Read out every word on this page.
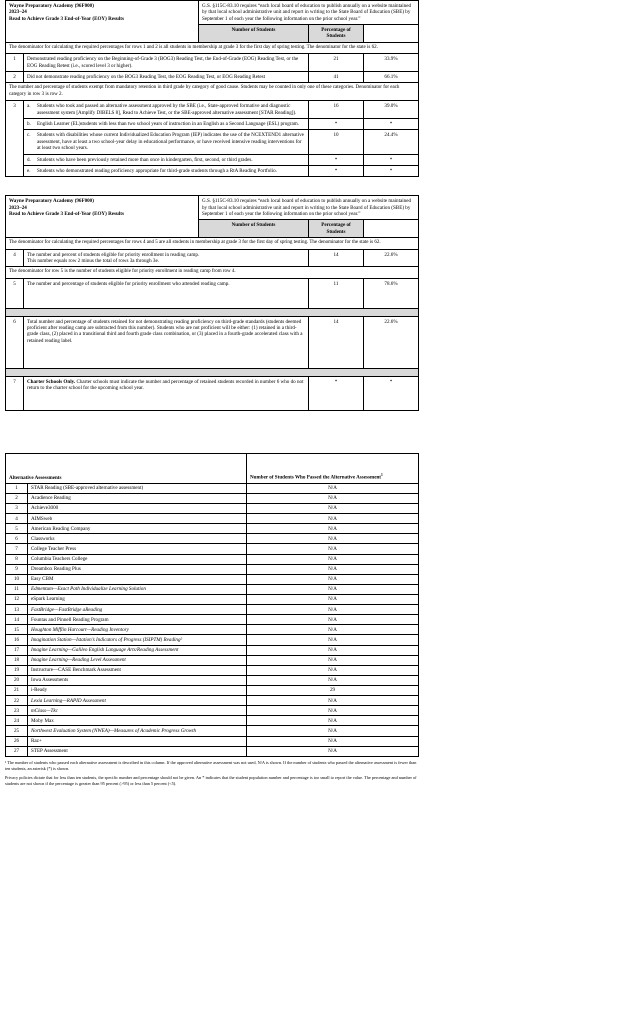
Wayne Preparatory Academy (96F000)
2023–24
Read to Achieve Grade 3 End-of-Year (EOY) Results
	G.S. §115C-83.10 requires “each local board of education to publish annually on a website maintained by that local school administrative unit and report in writing to the State Board of Education (SBE) by September 1 of each year the following information on the prior school year.”
		Number of Students	Percentage of Students
The denominator for calculating the required percentages for rows 1 and 2 is all students in membership at grade 3 for the first day of spring testing. The denominator for the state is 62.				
1	Demonstrated reading proficiency on the Beginning-of-Grade 3 (BOG3) Reading Test, the End-of-Grade (EOG) Reading Test, or the EOG Reading Retest (i.e., scored level 3 or higher).		21	33.9%
2	Did not demonstrate reading proficiency on the BOG3 Reading Test, the EOG Reading Test, or EOG Reading Retest		41	66.1%
The number and percentage of students exempt from mandatory retention in third grade by category of good cause. Students may be counted in only one of these categories. Denominator for each category in row 3 is row 2.				
3	a. Students who took and passed an alternative assessment approved by the SBE (i.e., State-approved formative and diagnostic assessment system [Amplify DIBELS 8], Read to Achieve Test, or the SBE-approved alternative assessment [STAR Reading]).		16	39.0%

	b. English Learner (EL)students with less than two school years of instruction in an English as a Second Language (ESL) program.		*	*

	c. Students with disabilities whose current Individualized Education Program (IEP) indicates the use of the NCEXTEND1 alternative assessment, have at least a two school-year delay in educational performance, or have received intensive reading interventions for at least two school years.		10	24.4%

	d. Students who have been previously retained more than once in kindergarten, first, second, or third grades.		*	*

	e. Students who demonstrated reading proficiency appropriate for third-grade students through a RtA Reading Portfolio.		*	*
Wayne Preparatory Academy (96F000)
2023–24
Read to Achieve Grade 3 End-of-Year (EOY) Results
	G.S. §115C-83.10 requires “each local board of education to publish annually on a website maintained by that local school administrative unit and report in writing to the State Board of Education (SBE) by September 1 of each year the following information on the prior school year.”
		Number of Students	Percentage of Students
The denominator for calculating the required percentages for rows 4 and 5 are all students in membership at grade 3 for the first day of spring testing. The denominator for the state is 62.				
4	The number and percent of students eligible for priority enrollment in reading camp.
This number equals row 2 minus the total of rows 3a through 3e.		14	22.6%
The denominator for row 5 is the number of students eligible for priority enrollment in reading camp from row 4.				
5	The number and percentage of students eligible for priority enrollment who attended reading camp.		11	78.6%

6	Total number and percentage of students retained for not demonstrating reading proficiency on third-grade standards (students deemed proficient after reading camp are subtracted from this number). Students who are not proficient will be either: (1) retained in a third-grade class, (2) placed in a transitional third and fourth grade class combination, or (3) placed in a fourth-grade accelerated class with a retained reading label.		14	22.6%

7	Charter Schools Only. Charter schools must indicate the number and percentage of retained students recorded in number 6 who do not return to the charter school for the upcoming school year.		*	*
Alternative Assessments		Number of Students Who Passed the Alternative Assessment$^1$
1	STAR Reading (SBE-approved alternative assessment)	N/A
2	Acadience Reading	N/A
3	Achieve3000	N/A
4	AIMSweb	N/A
5	American Reading Company	N/A
6	Classworks	N/A
7	College Teacher Press	N/A
8	Columbia Teachers College	N/A
9	Dreambox Reading Plus	N/A
10	Easy CBM	N/A
11	Edmentum—Exact Path Individualize Learning Solution	N/A
12	eSpark Learning	N/A
13	FastBridge—FastBridge aReading	N/A
14	Fountas and Pinnell Reading Program	N/A
15	Houghton Mifflin Harcourt—Reading Inventory	N/A
16	Imagination Station—Istation’s Indicators of Progress (ISIPTM) Reading²	N/A
17	Imagine Learning—Galileo English Language Arts/Reading Assessment	N/A
18	Imagine Learning—Reading Level Assessment	N/A
19	Instructure—CASE Benchmark Assessment	N/A
20	Iowa Assessments	N/A
21	i-Ready	29
22	Lexia Learning—RAPID Assessment	N/A
23	mClass—Tkc	N/A
24	Moby Max	N/A
25	Northwest Evaluation System (NWEA)—Measures of Academic Progress Growth	N/A
26	Raz+	N/A
27	STEP Assessment	N/A

¹ The number of students who passed each alternative assessment is described in this column. If the approved alternative assessment was not used, N/A is shown. If the number of students who passed the alternative assessment is fewer than ten students, an asterisk (*) is shown.

Privacy policies dictate that for less than ten students, the specific number and percentage should not be given. An * indicates that the student population number and percentage is too small to report the value. The percentage and number of students are not shown if the percentage is greater than 95 percent (>95) or less than 5 percent (<5).
